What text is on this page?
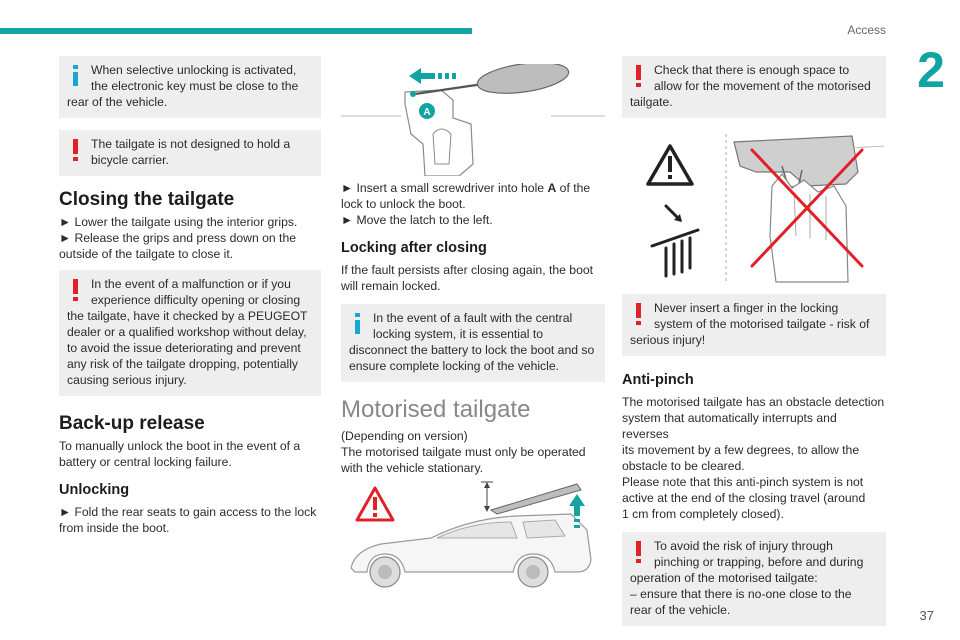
Access
2
37
When selective unlocking is activated,
the electronic key must be close to the
rear of the vehicle.
The tailgate is not designed to hold a
bicycle carrier.
Closing the tailgate

► Lower the tailgate using the interior grips.

► Release the grips and press down on the

outside of the tailgate to close it.

In the event of a malfunction or if you
experience difficulty opening or closing
the tailgate, have it checked by a PEUGEOT
dealer or a qualified workshop without delay,
to avoid the issue deteriorating and prevent
any risk of the tailgate dropping, potentially
causing serious injury.
Back-up release

To manually unlock the boot in the event of a

battery or central locking failure.

Unlocking

► Fold the rear seats to gain access to the lock

from inside the boot.

A

► Insert a small screwdriver into hole A of the

lock to unlock the boot.

► Move the latch to the left.

Locking after closing

If the fault persists after closing again, the boot

will remain locked.

In the event of a fault with the central
locking system, it is essential to
disconnect the battery to lock the boot and so
ensure complete locking of the vehicle.
Motorised tailgate

(Depending on version)

The motorised tailgate must only be operated

with the vehicle stationary.

Check that there is enough space to
allow for the movement of the motorised
tailgate.
Never insert a finger in the locking
system of the motorised tailgate - risk of
serious injury!
Anti-pinch

The motorised tailgate has an obstacle detection

system that automatically interrupts and reverses

its movement by a few degrees, to allow the

obstacle to be cleared.

Please note that this anti-pinch system is not

active at the end of the closing travel (around

1 cm from completely closed).

To avoid the risk of injury through
pinching or trapping, before and during
operation of the motorised tailgate:
– ensure that there is no-one close to the
rear of the vehicle.
